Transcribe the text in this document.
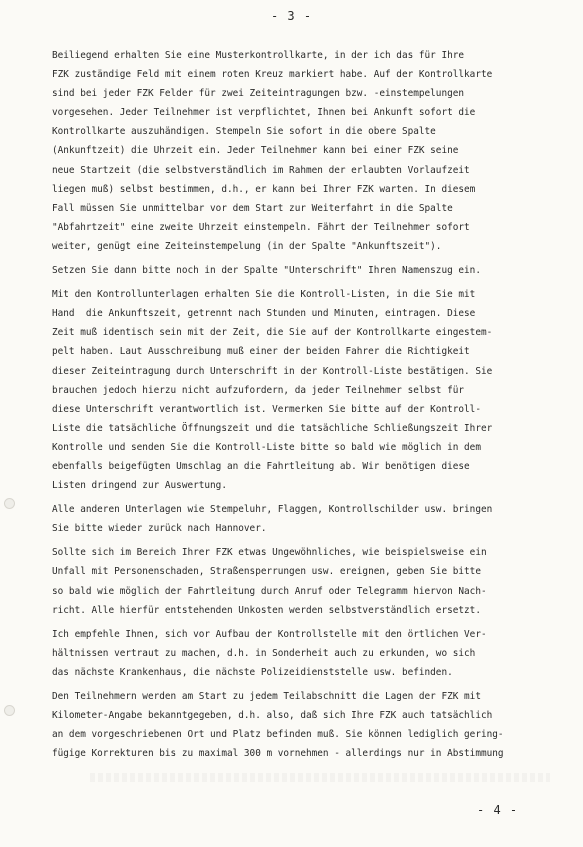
- 3 -

Beiliegend erhalten Sie eine Musterkontrollkarte, in der ich das für Ihre

FZK zuständige Feld mit einem roten Kreuz markiert habe. Auf der Kontrollkarte

sind bei jeder FZK Felder für zwei Zeiteintragungen bzw. -einstempelungen

vorgesehen. Jeder Teilnehmer ist verpflichtet, Ihnen bei Ankunft sofort die

Kontrollkarte auszuhändigen. Stempeln Sie sofort in die obere Spalte

(Ankunftzeit) die Uhrzeit ein. Jeder Teilnehmer kann bei einer FZK seine

neue Startzeit (die selbstverständlich im Rahmen der erlaubten Vorlaufzeit

liegen muß) selbst bestimmen, d.h., er kann bei Ihrer FZK warten. In diesem

Fall müssen Sie unmittelbar vor dem Start zur Weiterfahrt in die Spalte

"Abfahrtzeit" eine zweite Uhrzeit einstempeln. Fährt der Teilnehmer sofort

weiter, genügt eine Zeiteinstempelung (in der Spalte "Ankunftszeit").

Setzen Sie dann bitte noch in der Spalte "Unterschrift" Ihren Namenszug ein.

Mit den Kontrollunterlagen erhalten Sie die Kontroll-Listen, in die Sie mit

Hand  die Ankunftszeit, getrennt nach Stunden und Minuten, eintragen. Diese

Zeit muß identisch sein mit der Zeit, die Sie auf der Kontrollkarte eingestem-

pelt haben. Laut Ausschreibung muß einer der beiden Fahrer die Richtigkeit

dieser Zeiteintragung durch Unterschrift in der Kontroll-Liste bestätigen. Sie

brauchen jedoch hierzu nicht aufzufordern, da jeder Teilnehmer selbst für

diese Unterschrift verantwortlich ist. Vermerken Sie bitte auf der Kontroll-

Liste die tatsächliche Öffnungszeit und die tatsächliche Schließungszeit Ihrer

Kontrolle und senden Sie die Kontroll-Liste bitte so bald wie möglich in dem

ebenfalls beigefügten Umschlag an die Fahrtleitung ab. Wir benötigen diese

Listen dringend zur Auswertung.

Alle anderen Unterlagen wie Stempeluhr, Flaggen, Kontrollschilder usw. bringen

Sie bitte wieder zurück nach Hannover.

Sollte sich im Bereich Ihrer FZK etwas Ungewöhnliches, wie beispielsweise ein

Unfall mit Personenschaden, Straßensperrungen usw. ereignen, geben Sie bitte

so bald wie möglich der Fahrtleitung durch Anruf oder Telegramm hiervon Nach-

richt. Alle hierfür entstehenden Unkosten werden selbstverständlich ersetzt.

Ich empfehle Ihnen, sich vor Aufbau der Kontrollstelle mit den örtlichen Ver-

hältnissen vertraut zu machen, d.h. in Sonderheit auch zu erkunden, wo sich

das nächste Krankenhaus, die nächste Polizeidienststelle usw. befinden.

Den Teilnehmern werden am Start zu jedem Teilabschnitt die Lagen der FZK mit

Kilometer-Angabe bekanntgegeben, d.h. also, daß sich Ihre FZK auch tatsächlich

an dem vorgeschriebenen Ort und Platz befinden muß. Sie können lediglich gering-

fügige Korrekturen bis zu maximal 300 m vornehmen - allerdings nur in Abstimmung

- 4 -
